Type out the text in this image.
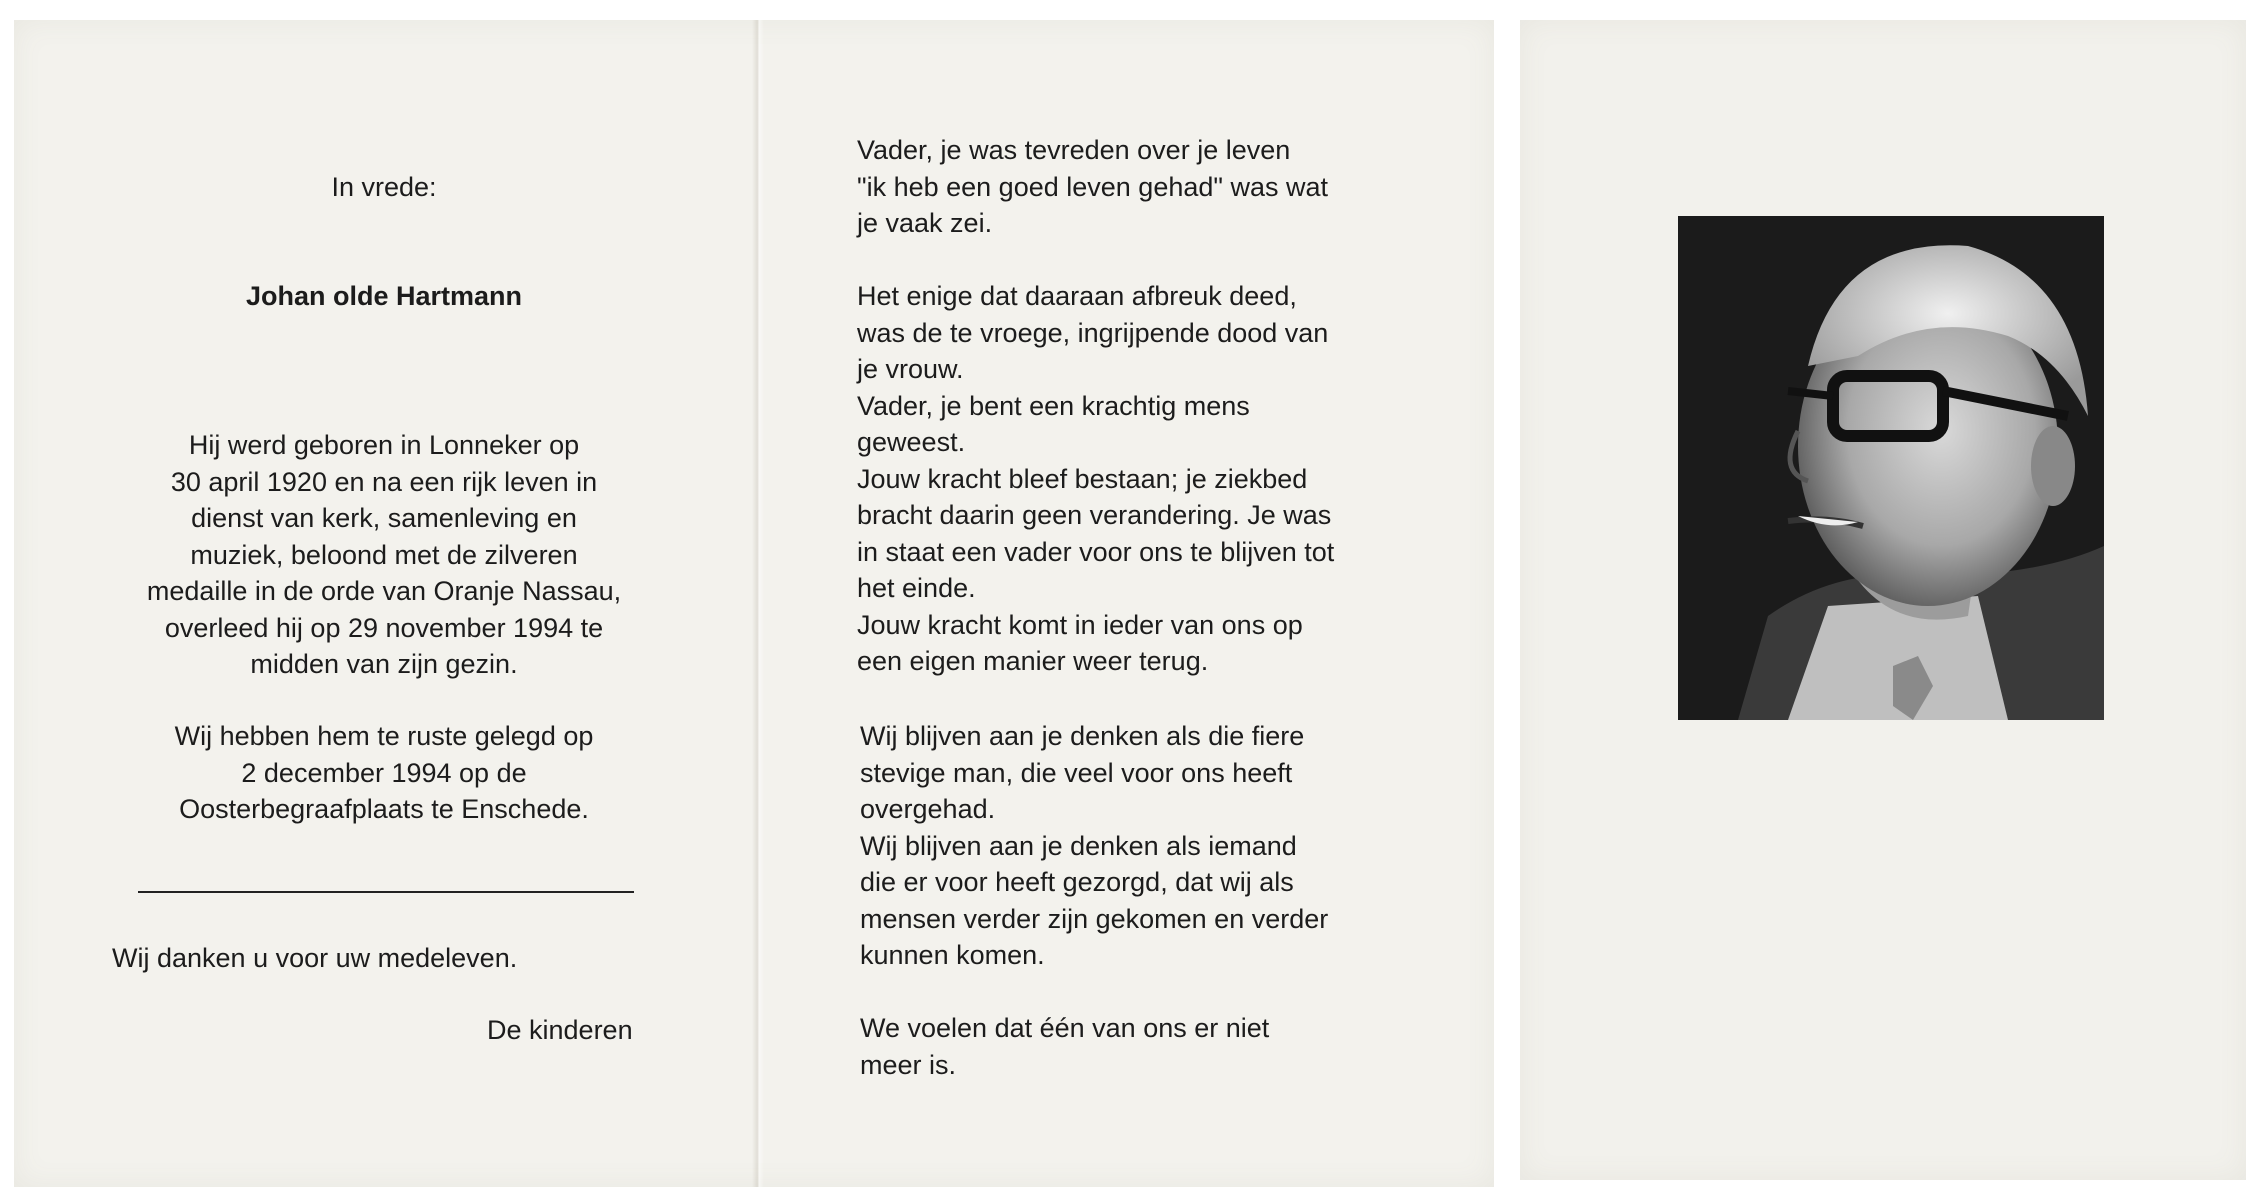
In vrede:

Johan olde Hartmann

Hij werd geboren in Lonneker op
30 april 1920 en na een rijk leven in
dienst van kerk, samenleving en
muziek, beloond met de zilveren
medaille in de orde van Oranje Nassau,
overleed hij op 29 november 1994 te
midden van zijn gezin.

Wij hebben hem te ruste gelegd op
2 december 1994 op de
Oosterbegraafplaats te Enschede.

Wij danken u voor uw medeleven.

De kinderen

Vader, je was tevreden over je leven
"ik heb een goed leven gehad" was wat
je vaak zei.

Het enige dat daaraan afbreuk deed,
was de te vroege, ingrijpende dood van
je vrouw.
Vader, je bent een krachtig mens
geweest.
Jouw kracht bleef bestaan; je ziekbed
bracht daarin geen verandering. Je was
in staat een vader voor ons te blijven tot
het einde.
Jouw kracht komt in ieder van ons op
een eigen manier weer terug.

Wij blijven aan je denken als die fiere
stevige man, die veel voor ons heeft
overgehad.
Wij blijven aan je denken als iemand
die er voor heeft gezorgd, dat wij als
mensen verder zijn gekomen en verder
kunnen komen.

We voelen dat één van ons er niet
meer is.
